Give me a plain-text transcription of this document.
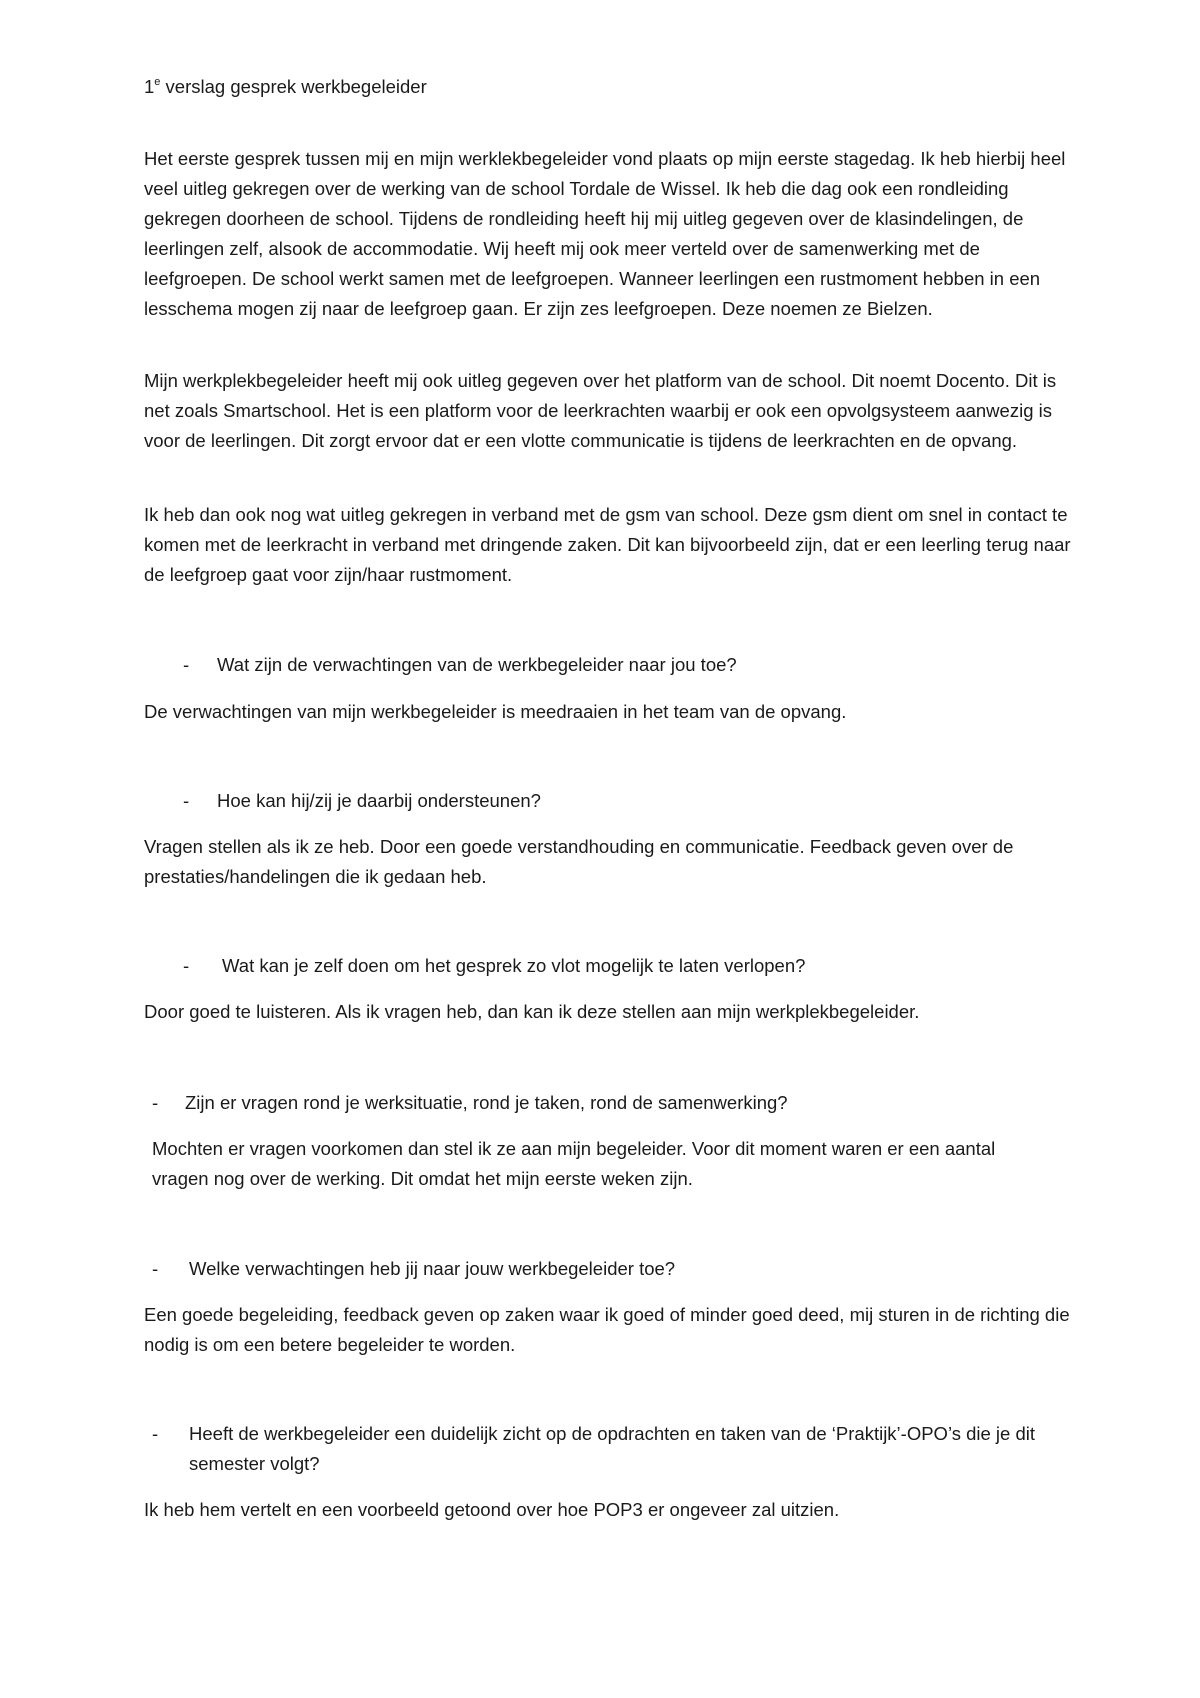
1e verslag gesprek werkbegeleider

Het eerste gesprek tussen mij en mijn werklekbegeleider vond plaats op mijn eerste stagedag. Ik heb hierbij heel veel uitleg gekregen over de werking van de school Tordale de Wissel. Ik heb die dag ook een rondleiding gekregen doorheen de school. Tijdens de rondleiding heeft hij mij uitleg gegeven over de klasindelingen, de leerlingen zelf, alsook de accommodatie. Wij heeft mij ook meer verteld over de samenwerking met de leefgroepen. De school werkt samen met de leefgroepen. Wanneer leerlingen een rustmoment hebben in een lesschema mogen zij naar de leefgroep gaan. Er zijn zes leefgroepen. Deze noemen ze Bielzen.

Mijn werkplekbegeleider heeft mij ook uitleg gegeven over het platform van de school. Dit noemt Docento. Dit is net zoals Smartschool. Het is een platform voor de leerkrachten waarbij er ook een opvolgsysteem aanwezig is voor de leerlingen. Dit zorgt ervoor dat er een vlotte communicatie is tijdens de leerkrachten en de opvang.

Ik heb dan ook nog wat uitleg gekregen in verband met de gsm van school. Deze gsm dient om snel in contact te komen met de leerkracht in verband met dringende zaken. Dit kan bijvoorbeeld zijn, dat er een leerling terug naar de leefgroep gaat voor zijn/haar rustmoment.

- Wat zijn de verwachtingen van de werkbegeleider naar jou toe?

De verwachtingen van mijn werkbegeleider is meedraaien in het team van de opvang.

- Hoe kan hij/zij je daarbij ondersteunen?

Vragen stellen als ik ze heb. Door een goede verstandhouding en communicatie. Feedback geven over de prestaties/handelingen die ik gedaan heb.

- Wat kan je zelf doen om het gesprek zo vlot mogelijk te laten verlopen?

Door goed te luisteren. Als ik vragen heb, dan kan ik deze stellen aan mijn werkplekbegeleider.

- Zijn er vragen rond je werksituatie, rond je taken, rond de samenwerking?

Mochten er vragen voorkomen dan stel ik ze aan mijn begeleider. Voor dit moment waren er een aantal vragen nog over de werking. Dit omdat het mijn eerste weken zijn.

- Welke verwachtingen heb jij naar jouw werkbegeleider toe?

Een goede begeleiding, feedback geven op zaken waar ik goed of minder goed deed, mij sturen in de richting die nodig is om een betere begeleider te worden.

- Heeft de werkbegeleider een duidelijk zicht op de opdrachten en taken van de ‘Praktijk’-OPO’s die je dit semester volgt?

Ik heb hem vertelt en een voorbeeld getoond over hoe POP3 er ongeveer zal uitzien.
